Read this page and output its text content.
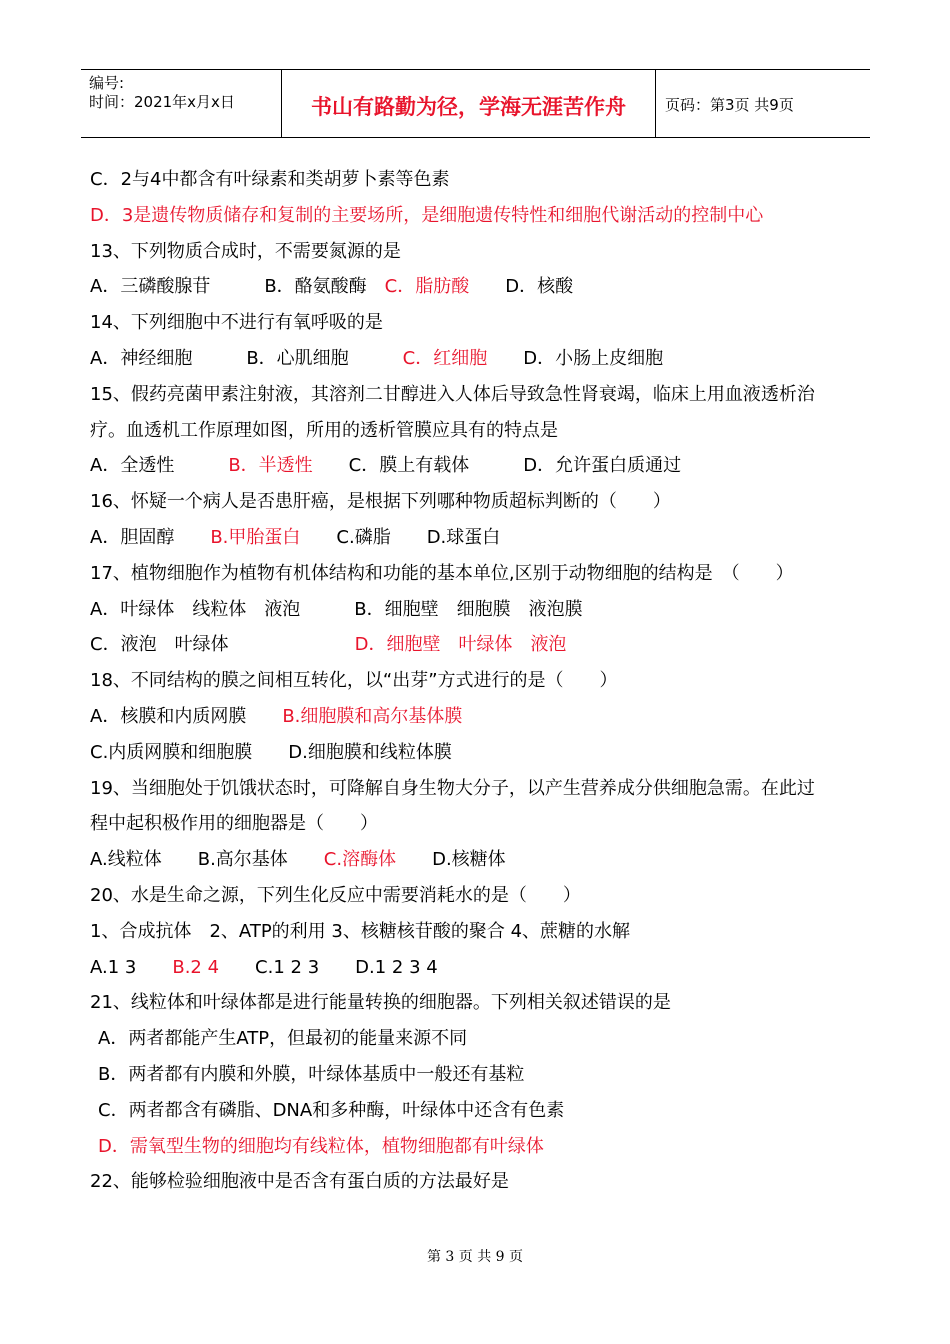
编号:
时间：2021年x月x日	书山有路勤为径，学海无涯苦作舟	页码：第3页 共9页
C．2与4中都含有叶绿素和类胡萝卜素等色素
D．3是遗传物质储存和复制的主要场所，是细胞遗传特性和细胞代谢活动的控制中心
13、下列物质合成时，不需要氮源的是
A．三磷酸腺苷　　　B．酪氨酸酶　C．脂肪酸　　D．核酸
14、下列细胞中不进行有氧呼吸的是
A．神经细胞　　　B．心肌细胞　　　C．红细胞　　D．小肠上皮细胞
15、假药亮菌甲素注射液，其溶剂二甘醇进入人体后导致急性肾衰竭，临床上用血液透析治
疗。血透机工作原理如图，所用的透析管膜应具有的特点是
A．全透性　　　B．半透性　　C．膜上有载体　　　D．允许蛋白质通过
16、怀疑一个病人是否患肝癌，是根据下列哪种物质超标判断的（　　）
A．胆固醇　　B.甲胎蛋白　　C.磷脂　　D.球蛋白
17、植物细胞作为植物有机体结构和功能的基本单位,区别于动物细胞的结构是　（　　）
A．叶绿体　线粒体　液泡　　　B．细胞壁　细胞膜　液泡膜
C．液泡　叶绿体　　　　　　　D．细胞壁　叶绿体　液泡
18、不同结构的膜之间相互转化，以“出芽”方式进行的是（　　）
A．核膜和内质网膜　　B.细胞膜和高尔基体膜
C.内质网膜和细胞膜　　D.细胞膜和线粒体膜
19、当细胞处于饥饿状态时，可降解自身生物大分子，以产生营养成分供细胞急需。在此过
程中起积极作用的细胞器是（　　）
A.线粒体　　B.高尔基体　　C.溶酶体　　D.核糖体
20、水是生命之源，下列生化反应中需要消耗水的是（　　）
1、合成抗体　2、ATP的利用 3、核糖核苷酸的聚合 4、蔗糖的水解
A.1 3　　B.2 4　　C.1 2 3　　D.1 2 3 4
21、线粒体和叶绿体都是进行能量转换的细胞器。下列相关叙述错误的是
A．两者都能产生ATP，但最初的能量来源不同
B．两者都有内膜和外膜，叶绿体基质中一般还有基粒
C．两者都含有磷脂、DNA和多种酶，叶绿体中还含有色素
D．需氧型生物的细胞均有线粒体，植物细胞都有叶绿体
22、能够检验细胞液中是否含有蛋白质的方法最好是
第 3 页 共 9 页
